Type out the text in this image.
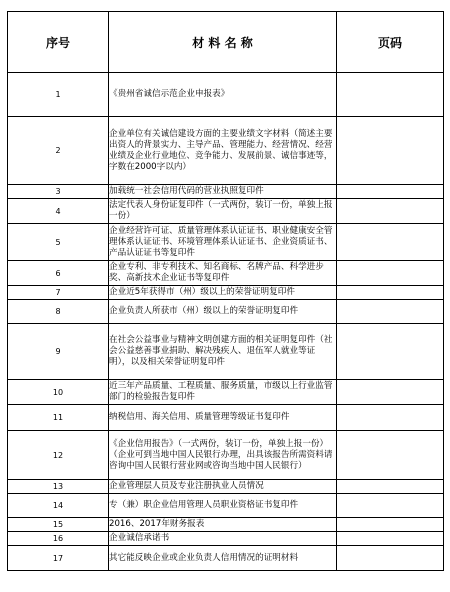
序号	材 料 名 称	页码
1	《贵州省诚信示范企业申报表》	
2	企业单位有关诚信建设方面的主要业绩文字材料（简述主要出资人的背景实力、主导产品、管理能力、经营情况、经营业绩及企业行业地位、竞争能力、发展前景、诚信事迹等，字数在2000字以内）	
3	加载统一社会信用代码的营业执照复印件	
4	法定代表人身份证复印件（一式两份，装订一份，单独上报一份）	
5	企业经营许可证、质量管理体系认证证书、职业健康安全管理体系认证证书、环境管理体系认证证书、企业资质证书、产品认证证书等复印件	
6	企业专利、非专利技术、知名商标、名牌产品、科学进步奖、高新技术企业证书等复印件	
7	企业近5年获得市（州）级以上的荣誉证明复印件	
8	企业负责人所获市（州）级以上的荣誉证明复印件	
9	在社会公益事业与精神文明创建方面的相关证明复印件（社会公益慈善事业捐助、解决残疾人、退伍军人就业等证明），以及相关荣誉证明复印件	
10	近三年产品质量、工程质量、服务质量，市级以上行业监管部门的检验报告复印件	
11	纳税信用、海关信用、质量管理等级证书复印件	
12	《企业信用报告》（一式两份，装订一份，单独上报一份）（企业可到当地中国人民银行办理，出具该报告所需资料请咨询中国人民银行营业网或咨询当地中国人民银行）	
13	企业管理层人员及专业注册执业人员情况	
14	专（兼）职企业信用管理人员职业资格证书复印件	
15	2016、2017年财务报表	
16	企业诚信承诺书	
17	其它能反映企业或企业负责人信用情况的证明材料	
